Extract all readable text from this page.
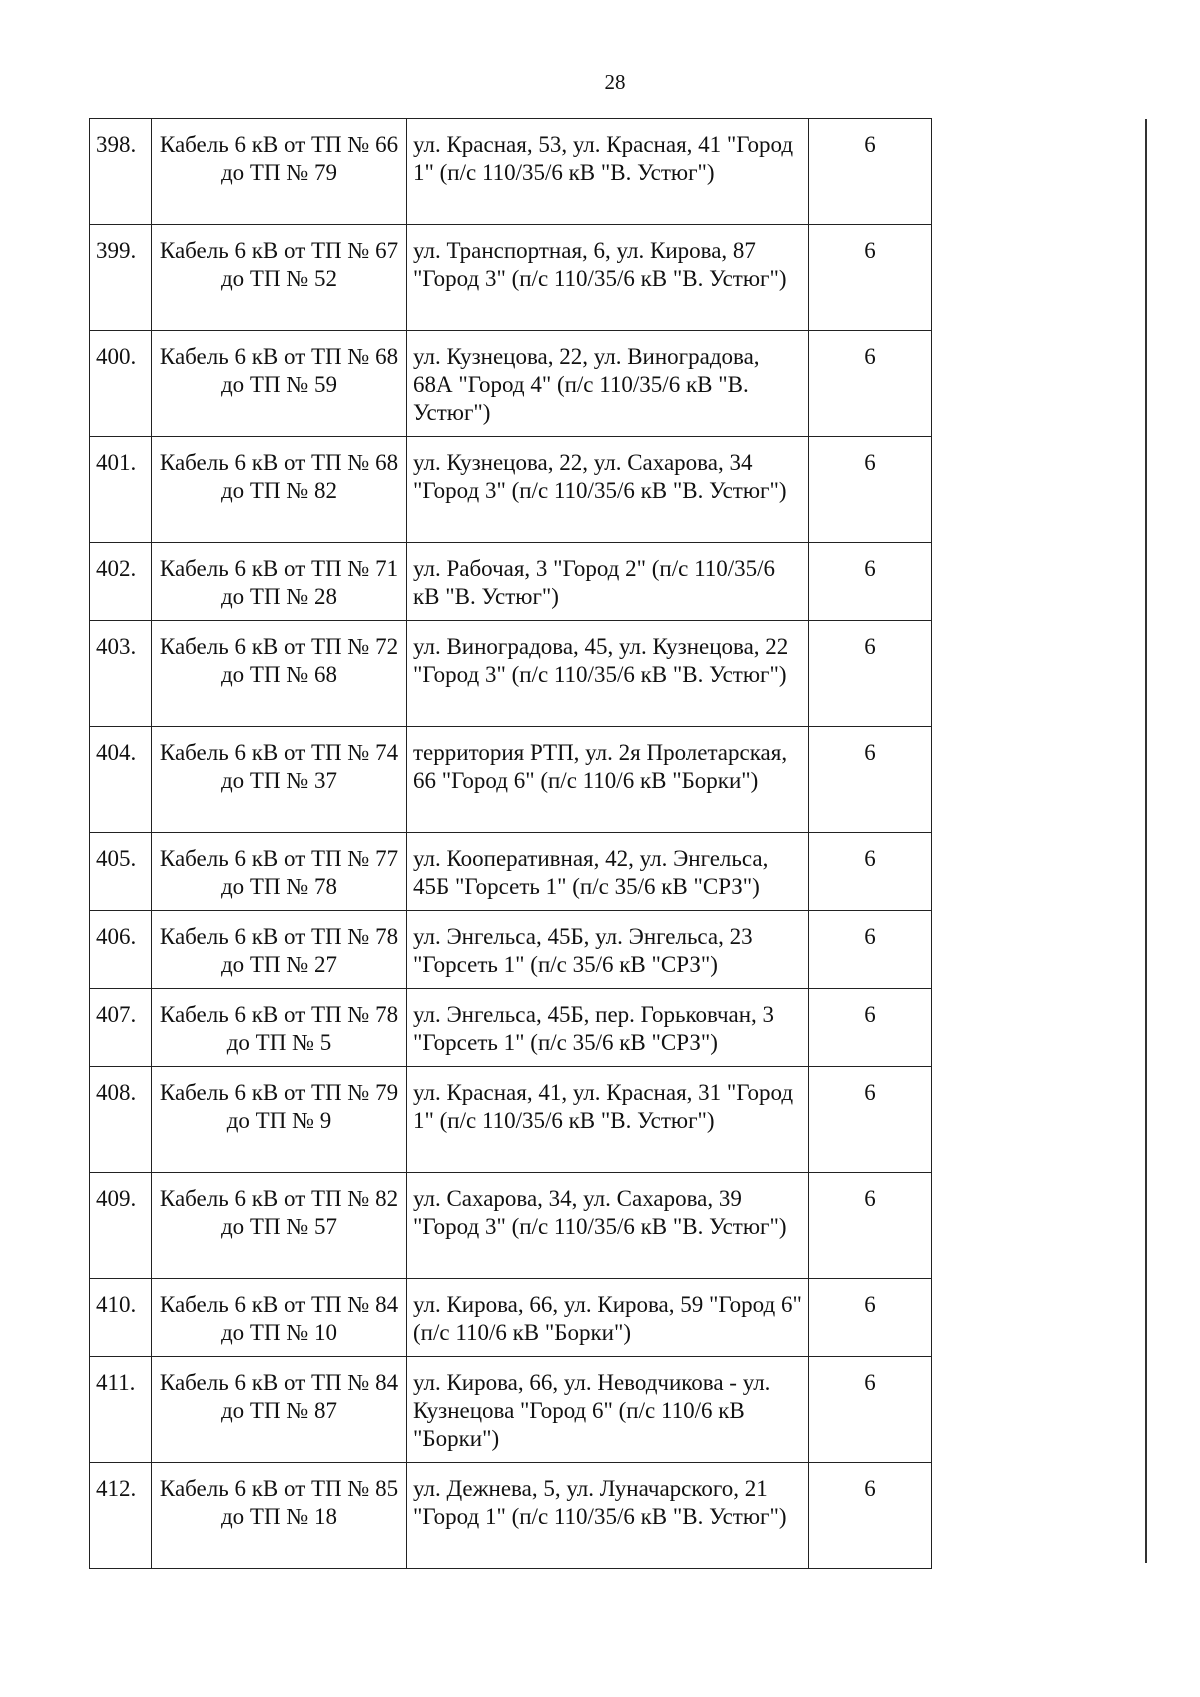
28
398.	Кабель 6 кВ от ТП № 66 до ТП № 79	ул. Красная, 53, ул. Красная, 41 "Город 1" (п/с 110/35/6 кВ "В. Устюг")	6
399.	Кабель 6 кВ от ТП № 67 до ТП № 52	ул. Транспортная, 6, ул. Кирова, 87 "Город 3" (п/с 110/35/6 кВ "В. Устюг")	6
400.	Кабель 6 кВ от ТП № 68 до ТП № 59	ул. Кузнецова, 22, ул. Виноградова, 68А "Город 4" (п/с 110/35/6 кВ "В. Устюг")	6
401.	Кабель 6 кВ от ТП № 68 до ТП № 82	ул. Кузнецова, 22, ул. Сахарова, 34 "Город 3" (п/с 110/35/6 кВ "В. Устюг")	6
402.	Кабель 6 кВ от ТП № 71 до ТП № 28	ул. Рабочая, 3 "Город 2" (п/с 110/35/6 кВ "В. Устюг")	6
403.	Кабель 6 кВ от ТП № 72 до ТП № 68	ул. Виноградова, 45, ул. Кузнецова, 22 "Город 3" (п/с 110/35/6 кВ "В. Устюг")	6
404.	Кабель 6 кВ от ТП № 74 до ТП № 37	территория РТП, ул. 2я Пролетарская, 66 "Город 6" (п/с 110/6 кВ "Борки")	6
405.	Кабель 6 кВ от ТП № 77 до ТП № 78	ул. Кооперативная, 42, ул. Энгельса, 45Б "Горсеть 1" (п/с 35/6 кВ "СРЗ")	6
406.	Кабель 6 кВ от ТП № 78 до ТП № 27	ул. Энгельса, 45Б, ул. Энгельса, 23 "Горсеть 1" (п/с 35/6 кВ "СРЗ")	6
407.	Кабель 6 кВ от ТП № 78 до ТП № 5	ул. Энгельса, 45Б, пер. Горьковчан, 3 "Горсеть 1" (п/с 35/6 кВ "СРЗ")	6
408.	Кабель 6 кВ от ТП № 79 до ТП № 9	ул. Красная, 41, ул. Красная, 31 "Город 1" (п/с 110/35/6 кВ "В. Устюг")	6
409.	Кабель 6 кВ от ТП № 82 до ТП № 57	ул. Сахарова, 34, ул. Сахарова, 39 "Город 3" (п/с 110/35/6 кВ "В. Устюг")	6
410.	Кабель 6 кВ от ТП № 84 до ТП № 10	ул. Кирова, 66, ул. Кирова, 59 "Город 6" (п/с 110/6 кВ "Борки")	6
411.	Кабель 6 кВ от ТП № 84 до ТП № 87	ул. Кирова, 66, ул. Неводчикова - ул. Кузнецова "Город 6" (п/с 110/6 кВ "Борки")	6
412.	Кабель 6 кВ от ТП № 85 до ТП № 18	ул. Дежнева, 5, ул. Луначарского, 21 "Город 1" (п/с 110/35/6 кВ "В. Устюг")	6
